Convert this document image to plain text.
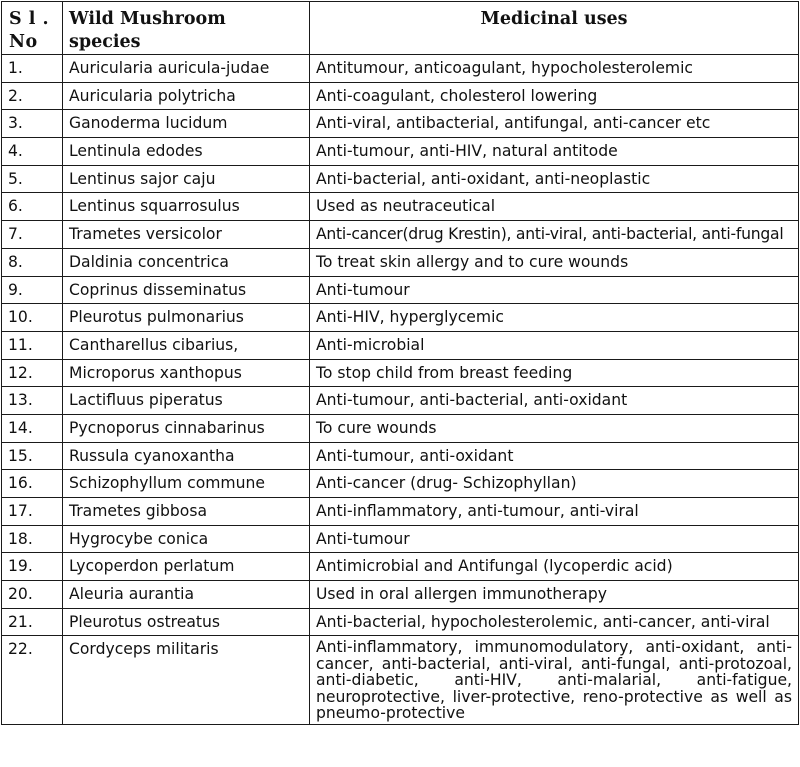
S l . No	Wild Mushroom species	Medicinal uses
1.	Auricularia auricula-judae	Antitumour, anticoagulant, hypocholesterolemic
2.	Auricularia polytricha	Anti-coagulant, cholesterol lowering
3.	Ganoderma lucidum	Anti-viral, antibacterial, antifungal, anti-cancer etc
4.	Lentinula edodes	Anti-tumour, anti-HIV, natural antitode
5.	Lentinus sajor caju	Anti-bacterial, anti-oxidant, anti-neoplastic
6.	Lentinus squarrosulus	Used as neutraceutical
7.	Trametes versicolor	Anti-cancer(drug Krestin), anti-viral, anti-bacterial, anti-fungal
8.	Daldinia concentrica	To treat skin allergy and to cure wounds
9.	Coprinus disseminatus	Anti-tumour
10.	Pleurotus pulmonarius	Anti-HIV, hyperglycemic
11.	Cantharellus cibarius,	Anti-microbial
12.	Microporus xanthopus	To stop child from breast feeding
13.	Lactifluus piperatus	Anti-tumour, anti-bacterial, anti-oxidant
14.	Pycnoporus cinnabarinus	To cure wounds
15.	Russula cyanoxantha	Anti-tumour, anti-oxidant
16.	Schizophyllum commune	Anti-cancer (drug- Schizophyllan)
17.	Trametes gibbosa	Anti-inflammatory, anti-tumour, anti-viral
18.	Hygrocybe conica	Anti-tumour
19.	Lycoperdon perlatum	Antimicrobial and Antifungal (lycoperdic acid)
20.	Aleuria aurantia	Used in oral allergen immunotherapy
21.	Pleurotus ostreatus	Anti-bacterial, hypocholesterolemic, anti-cancer, anti-viral
22.	Cordyceps militaris	Anti-inflammatory, immunomodulatory, anti-oxidant, anti-cancer, anti-bacterial, anti-viral, anti-fungal, anti-protozoal, anti-diabetic, anti-HIV, anti-malarial, anti-fatigue, neuroprotective, liver-protective, reno-protective as well as pneumo-protective
